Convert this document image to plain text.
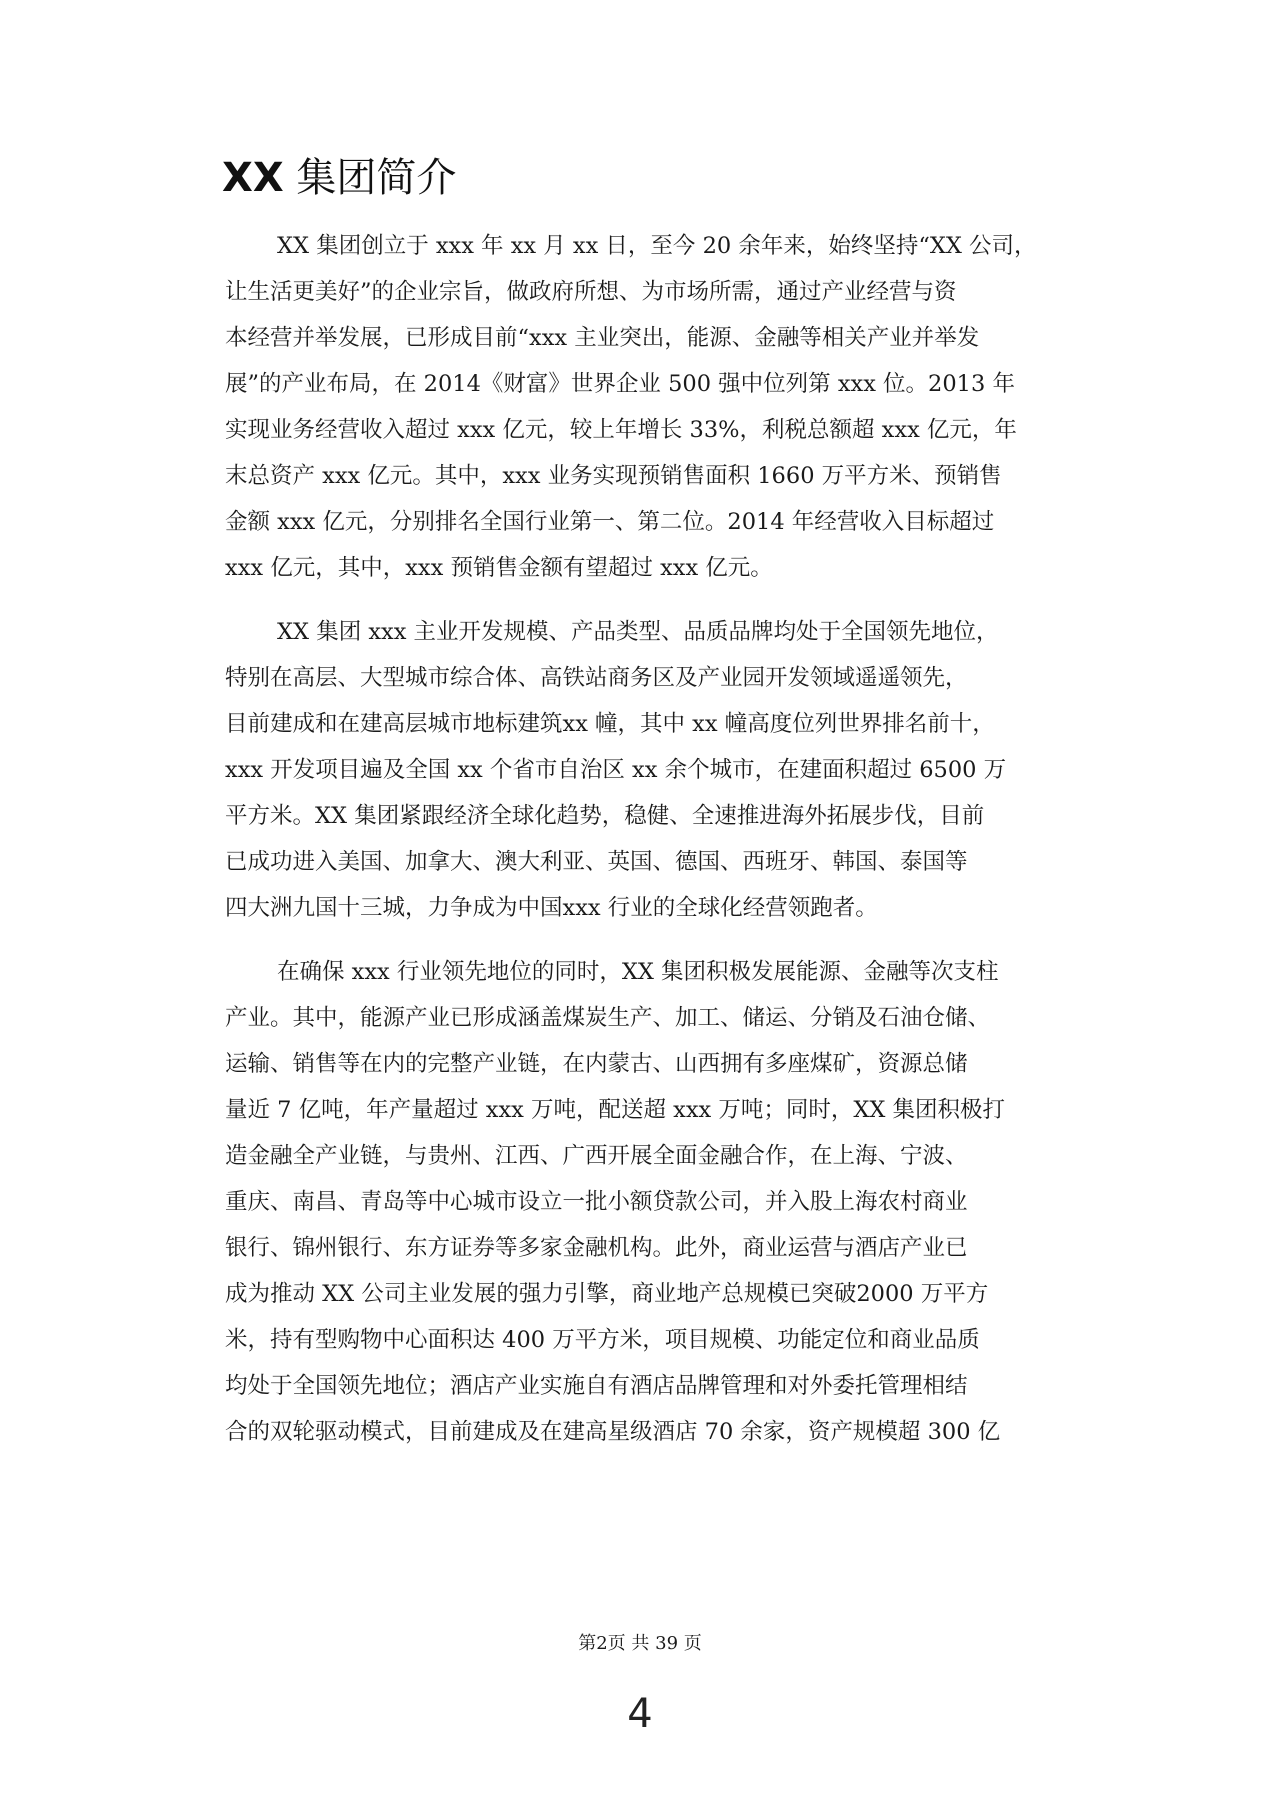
XX 集团简介
XX 集团创立于 xxx 年 xx 月 xx 日，至今 20 余年来，始终坚持“XX 公司，
让生活更美好”的企业宗旨，做政府所想、为市场所需，通过产业经营与资
本经营并举发展，已形成目前“xxx 主业突出，能源、金融等相关产业并举发
展”的产业布局，在 2014《财富》世界企业 500 强中位列第 xxx 位。2013 年
实现业务经营收入超过 xxx 亿元，较上年增长 33%，利税总额超 xxx 亿元，年
末总资产 xxx 亿元。其中，xxx 业务实现预销售面积 1660 万平方米、预销售
金额 xxx 亿元，分别排名全国行业第一、第二位。2014 年经营收入目标超过
xxx 亿元，其中，xxx 预销售金额有望超过 xxx 亿元。
XX 集团 xxx 主业开发规模、产品类型、品质品牌均处于全国领先地位，
特别在高层、大型城市综合体、高铁站商务区及产业园开发领域遥遥领先，
目前建成和在建高层城市地标建筑xx 幢，其中 xx 幢高度位列世界排名前十，
xxx 开发项目遍及全国 xx 个省市自治区 xx 余个城市，在建面积超过 6500 万
平方米。XX 集团紧跟经济全球化趋势，稳健、全速推进海外拓展步伐，目前
已成功进入美国、加拿大、澳大利亚、英国、德国、西班牙、韩国、泰国等
四大洲九国十三城，力争成为中国xxx 行业的全球化经营领跑者。
在确保 xxx 行业领先地位的同时，XX 集团积极发展能源、金融等次支柱
产业。其中，能源产业已形成涵盖煤炭生产、加工、储运、分销及石油仓储、
运输、销售等在内的完整产业链，在内蒙古、山西拥有多座煤矿，资源总储
量近 7 亿吨，年产量超过 xxx 万吨，配送超 xxx 万吨；同时，XX 集团积极打
造金融全产业链，与贵州、江西、广西开展全面金融合作，在上海、宁波、
重庆、南昌、青岛等中心城市设立一批小额贷款公司，并入股上海农村商业
银行、锦州银行、东方证券等多家金融机构。此外，商业运营与酒店产业已
成为推动 XX 公司主业发展的强力引擎，商业地产总规模已突破2000 万平方
米，持有型购物中心面积达 400 万平方米，项目规模、功能定位和商业品质
均处于全国领先地位；酒店产业实施自有酒店品牌管理和对外委托管理相结
合的双轮驱动模式，目前建成及在建高星级酒店 70 余家，资产规模超 300 亿
第2页 共 39 页
4
